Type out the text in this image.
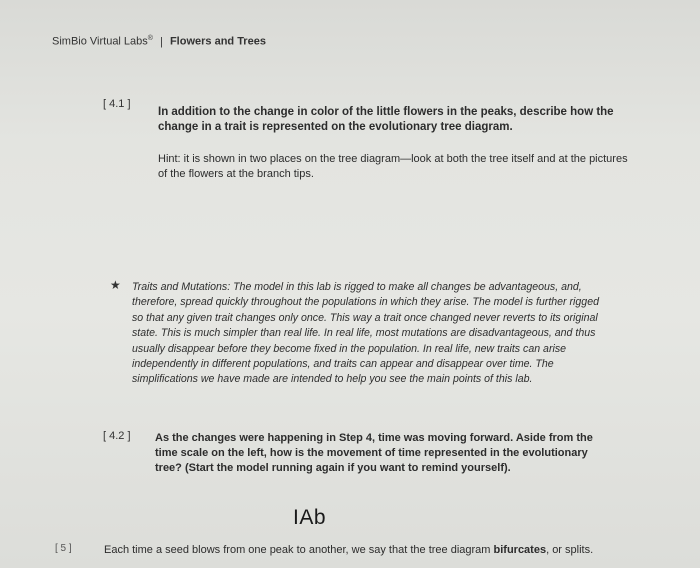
SimBio Virtual Labs® | Flowers and Trees
[ 4.1 ]
In addition to the change in color of the little flowers in the peaks, describe how the change in a trait is represented on the evolutionary tree diagram.
Hint: it is shown in two places on the tree diagram—look at both the tree itself and at the pictures of the flowers at the branch tips.
★ Traits and Mutations: The model in this lab is rigged to make all changes be advantageous, and, therefore, spread quickly throughout the populations in which they arise. The model is further rigged so that any given trait changes only once. This way a trait once changed never reverts to its original state. This is much simpler than real life. In real life, most mutations are disadvantageous, and thus usually disappear before they become fixed in the population. In real life, new traits can arise independently in different populations, and traits can appear and disappear over time. The simplifications we have made are intended to help you see the main points of this lab.
[ 4.2 ] As the changes were happening in Step 4, time was moving forward. Aside from the time scale on the left, how is the movement of time represented in the evolutionary tree? (Start the model running again if you want to remind yourself).
IAb
[ 5 ]	Each time a seed blows from one peak to another, we say that the tree diagram bifurcates, or splits.
